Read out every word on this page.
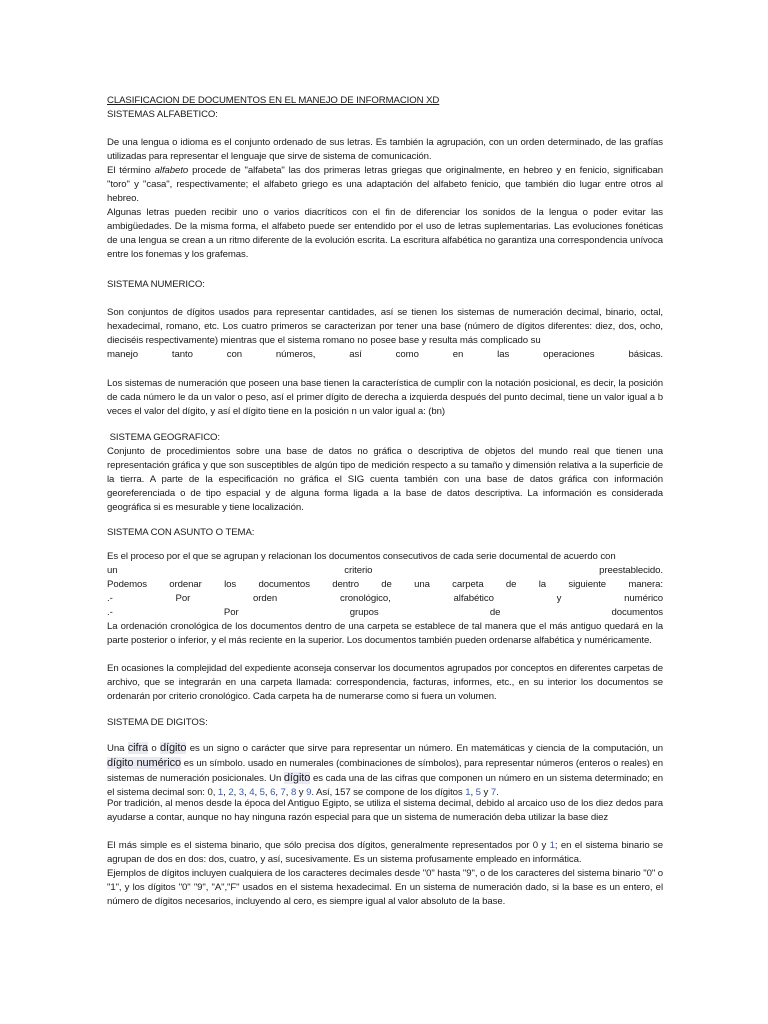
CLASIFICACION DE DOCUMENTOS EN EL MANEJO DE INFORMACION XD

SISTEMAS ALFABETICO:

De una lengua o idioma es el conjunto ordenado de sus letras. Es también la agrupación, con un orden determinado, de las grafías utilizadas para representar el lenguaje que sirve de sistema de comunicación.

El término alfabeto procede de "alfabeta" las dos primeras letras griegas que originalmente, en hebreo y en fenicio, significaban "toro" y "casa", respectivamente; el alfabeto griego es una adaptación del alfabeto fenicio, que también dio lugar entre otros al hebreo.

Algunas letras pueden recibir uno o varios diacríticos con el fin de diferenciar los sonidos de la lengua o poder evitar las ambigüedades. De la misma forma, el alfabeto puede ser entendido por el uso de letras suplementarias. Las evoluciones fonéticas de una lengua se crean a un ritmo diferente de la evolución escrita. La escritura alfabética no garantiza una correspondencia unívoca entre los fonemas y los grafemas.

SISTEMA NUMERICO:

Son conjuntos de dígitos usados para representar cantidades, así se tienen los sistemas de numeración decimal, binario, octal, hexadecimal, romano, etc. Los cuatro primeros se caracterizan por tener una base (número de dígitos diferentes: diez, dos, ocho, dieciséis respectivamente) mientras que el sistema romano no posee base y resulta más complicado su

manejo tanto con números, así como en las operaciones básicas.

Los sistemas de numeración que poseen una base tienen la característica de cumplir con la notación posicional, es decir, la posición de cada número le da un valor o peso, así el primer dígito de derecha a izquierda después del punto decimal, tiene un valor igual a b veces el valor del dígito, y así el dígito tiene en la posición n un valor igual a: (bn)

SISTEMA GEOGRAFICO:

Conjunto de procedimientos sobre una base de datos no gráfica o descriptiva de objetos del mundo real que tienen una representación gráfica y que son susceptibles de algún tipo de medición respecto a su tamaño y dimensión relativa a la superficie de la tierra. A parte de la especificación no gráfica el SIG cuenta también con una base de datos gráfica con información georeferenciada o de tipo espacial y de alguna forma ligada a la base de datos descriptiva. La información es considerada geográfica si es mesurable y tiene localización.

SISTEMA CON ASUNTO O TEMA:

Es el proceso por el que se agrupan y relacionan los documentos consecutivos de cada serie documental de acuerdo con

un criterio preestablecido.

Podemos ordenar los documentos dentro de una carpeta de la siguiente manera:

.- Por orden cronológico, alfabético y numérico

.- Por grupos de documentos

La ordenación cronológica de los documentos dentro de una carpeta se establece de tal manera que el más antiguo quedará en la parte posterior o inferior, y el más reciente en la superior. Los documentos también pueden ordenarse alfabética y numéricamente.

En ocasiones la complejidad del expediente aconseja conservar los documentos agrupados por conceptos en diferentes carpetas de archivo, que se integrarán en una carpeta llamada: correspondencia, facturas, informes, etc., en su interior los documentos se ordenarán por criterio cronológico. Cada carpeta ha de numerarse como si fuera un volumen.

SISTEMA DE DIGITOS:

Una cifra o dígito es un signo o carácter que sirve para representar un número. En matemáticas y ciencia de la computación, un dígito numérico es un símbolo. usado en numerales (combinaciones de símbolos), para representar números (enteros o reales) en sistemas de numeración posicionales. Un dígito es cada una de las cifras que componen un número en un sistema determinado; en el sistema decimal son: 0, 1, 2, 3, 4, 5, 6, 7, 8 y 9. Así, 157 se compone de los dígitos 1, 5 y 7.

Por tradición, al menos desde la época del Antiguo Egipto, se utiliza el sistema decimal, debido al arcaico uso de los diez dedos para ayudarse a contar, aunque no hay ninguna razón especial para que un sistema de numeración deba utilizar la base diez

El más simple es el sistema binario, que sólo precisa dos dígitos, generalmente representados por 0 y 1; en el sistema binario se agrupan de dos en dos: dos, cuatro, y así, sucesivamente. Es un sistema profusamente empleado en informática.

Ejemplos de dígitos incluyen cualquiera de los caracteres decimales desde "0" hasta "9", o de los caracteres del sistema binario "0" o "1", y los dígitos "0" "9", "A","F" usados en el sistema hexadecimal. En un sistema de numeración dado, si la base es un entero, el número de dígitos necesarios, incluyendo al cero, es siempre igual al valor absoluto de la base.
